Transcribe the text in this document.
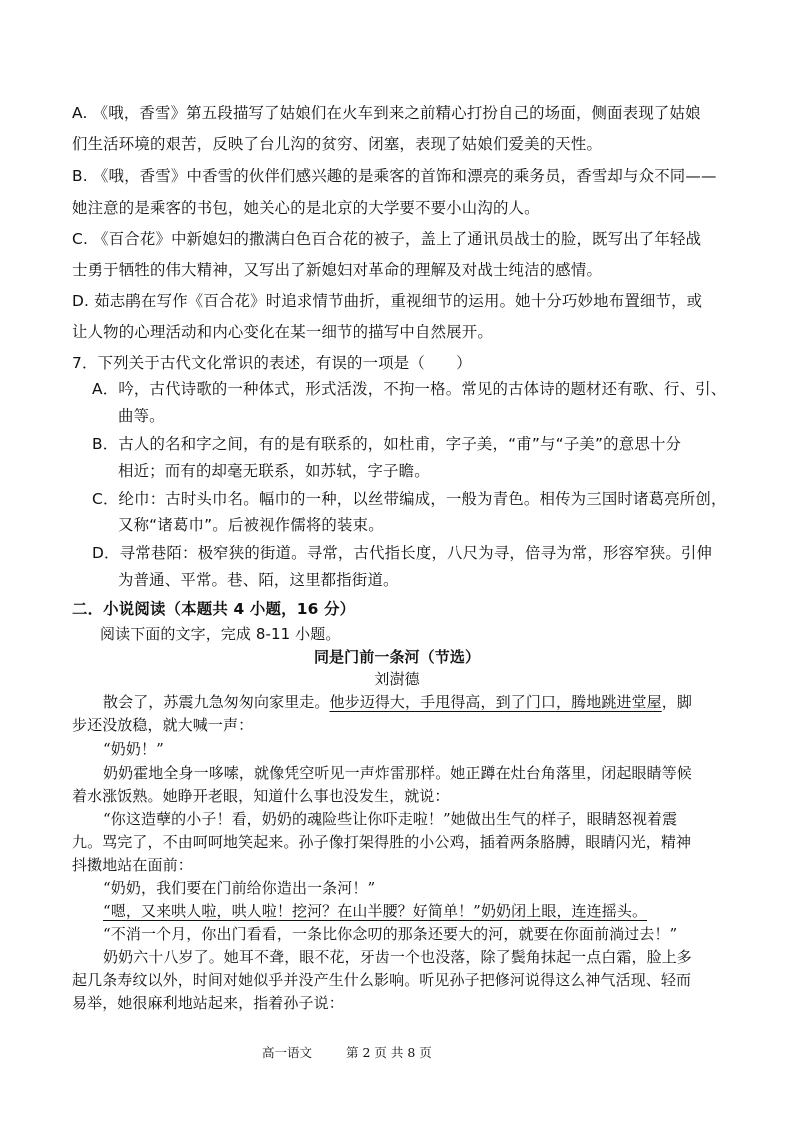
A. 《哦，香雪》第五段描写了姑娘们在火车到来之前精心打扮自己的场面，侧面表现了姑娘
们生活环境的艰苦，反映了台儿沟的贫穷、闭塞，表现了姑娘们爱美的天性。
B. 《哦，香雪》中香雪的伙伴们感兴趣的是乘客的首饰和漂亮的乘务员，香雪却与众不同——
她注意的是乘客的书包，她关心的是北京的大学要不要小山沟的人。
C. 《百合花》中新媳妇的撒满白色百合花的被子，盖上了通讯员战士的脸，既写出了年轻战
士勇于牺牲的伟大精神，又写出了新媳妇对革命的理解及对战士纯洁的感情。
D. 茹志鹃在写作《百合花》时追求情节曲折，重视细节的运用。她十分巧妙地布置细节，或
让人物的心理活动和内心变化在某一细节的描写中自然展开。
7．下列关于古代文化常识的表述，有误的一项是（　　）
A．吟，古代诗歌的一种体式，形式活泼，不拘一格。常见的古体诗的题材还有歌、行、引、
曲等。
B．古人的名和字之间，有的是有联系的，如杜甫，字子美，“甫”与“子美”的意思十分
相近；而有的却毫无联系，如苏轼，字子瞻。
C．纶巾：古时头巾名。幅巾的一种，以丝带编成，一般为青色。相传为三国时诸葛亮所创，
又称“诸葛巾”。后被视作儒将的装束。
D．寻常巷陌：极窄狭的街道。寻常，古代指长度，八尺为寻，倍寻为常，形容窄狭。引伸
为普通、平常。巷、陌，这里都指街道。
二．小说阅读（本题共 4 小题，16 分）
阅读下面的文字，完成 8-11 小题。
同是门前一条河（节选）
刘澍德
散会了，苏震九急匆匆向家里走。他步迈得大，手甩得高，到了门口，腾地跳进堂屋，脚
步还没放稳，就大喊一声：
“奶奶！”
奶奶霍地全身一哆嗦，就像凭空听见一声炸雷那样。她正蹲在灶台角落里，闭起眼睛等候
着水涨饭熟。她睁开老眼，知道什么事也没发生，就说：
“你这造孽的小子！看，奶奶的魂险些让你吓走啦！”她做出生气的样子，眼睛怒视着震
九。骂完了，不由呵呵地笑起来。孙子像打架得胜的小公鸡，插着两条胳膊，眼睛闪光，精神
抖擞地站在面前：
“奶奶，我们要在门前给你造出一条河！”
“嗯，又来哄人啦，哄人啦！挖河？在山半腰？好简单！”奶奶闭上眼，连连摇头。
“不消一个月，你出门看看，一条比你念叨的那条还要大的河，就要在你面前淌过去！”
奶奶六十八岁了。她耳不聋，眼不花，牙齿一个也没落，除了鬓角抹起一点白霜，脸上多
起几条寿纹以外，时间对她似乎并没产生什么影响。听见孙子把修河说得这么神气活现、轻而
易举，她很麻利地站起来，指着孙子说：
高一语文	第 2 页 共 8 页
